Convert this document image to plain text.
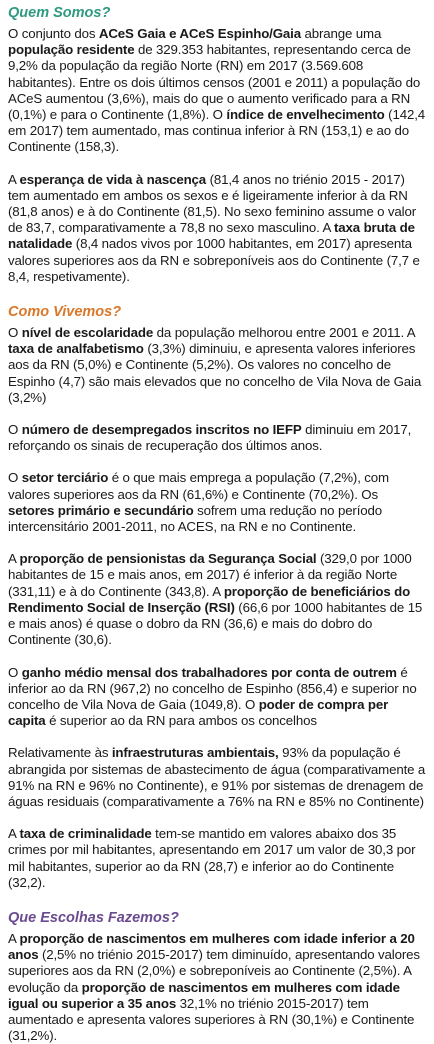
Quem Somos?

O conjunto dos ACeS Gaia e ACeS Espinho/Gaia abrange uma população residente de 329.353 habitantes, representando cerca de 9,2% da população da região Norte (RN) em 2017 (3.569.608 habitantes). Entre os dois últimos censos (2001 e 2011) a população do ACeS aumentou (3,6%), mais do que o aumento verificado para a RN (0,1%) e para o Continente (1,8%). O índice de envelhecimento (142,4 em 2017) tem aumentado, mas continua inferior à RN (153,1) e ao do Continente (158,3).

A esperança de vida à nascença (81,4 anos no triénio 2015 - 2017) tem aumentado em ambos os sexos e é ligeiramente inferior à da RN (81,8 anos) e à do Continente (81,5). No sexo feminino assume o valor de 83,7, comparativamente a 78,8 no sexo masculino. A taxa bruta de natalidade (8,4 nados vivos por 1000 habitantes, em 2017) apresenta valores superiores aos da RN e sobreponíveis aos do Continente (7,7 e 8,4, respetivamente).

Como Vivemos?

O nível de escolaridade da população melhorou entre 2001 e 2011. A taxa de analfabetismo (3,3%) diminuiu, e apresenta valores inferiores aos da RN (5,0%) e Continente (5,2%). Os valores no concelho de Espinho (4,7) são mais elevados que no concelho de Vila Nova de Gaia (3,2%)

O número de desempregados inscritos no IEFP diminuiu em 2017, reforçando os sinais de recuperação dos últimos anos.

O setor terciário é o que mais emprega a população (7,2%), com valores superiores aos da RN (61,6%) e Continente (70,2%). Os setores primário e secundário sofrem uma redução no período intercensitário 2001-2011, no ACES, na RN e no Continente.

A proporção de pensionistas da Segurança Social (329,0 por 1000 habitantes de 15 e mais anos, em 2017) é inferior à da região Norte (331,11) e à do Continente (343,8). A proporção de beneficiários do Rendimento Social de Inserção (RSI) (66,6 por 1000 habitantes de 15 e mais anos) é quase o dobro da RN (36,6) e mais do dobro do Continente (30,6).

O ganho médio mensal dos trabalhadores por conta de outrem é inferior ao da RN (967,2) no concelho de Espinho (856,4) e superior no concelho de Vila Nova de Gaia (1049,8). O poder de compra per capita é superior ao da RN para ambos os concelhos

Relativamente às infraestruturas ambientais, 93% da população é abrangida por sistemas de abastecimento de água (comparativamente a 91% na RN e 96% no Continente), e 91% por sistemas de drenagem de águas residuais (comparativamente a 76% na RN e 85% no Continente)

A taxa de criminalidade tem-se mantido em valores abaixo dos 35 crimes por mil habitantes, apresentando em 2017 um valor de 30,3 por mil habitantes, superior ao da RN (28,7) e inferior ao do Continente (32,2).

Que Escolhas Fazemos?

A proporção de nascimentos em mulheres com idade inferior a 20 anos (2,5% no triénio 2015-2017) tem diminuído, apresentando valores superiores aos da RN (2,0%) e sobreponíveis ao Continente (2,5%). A evolução da proporção de nascimentos em mulheres com idade igual ou superior a 35 anos 32,1% no triénio 2015-2017) tem aumentado e apresenta valores superiores à RN (30,1%) e Continente (31,2%).
